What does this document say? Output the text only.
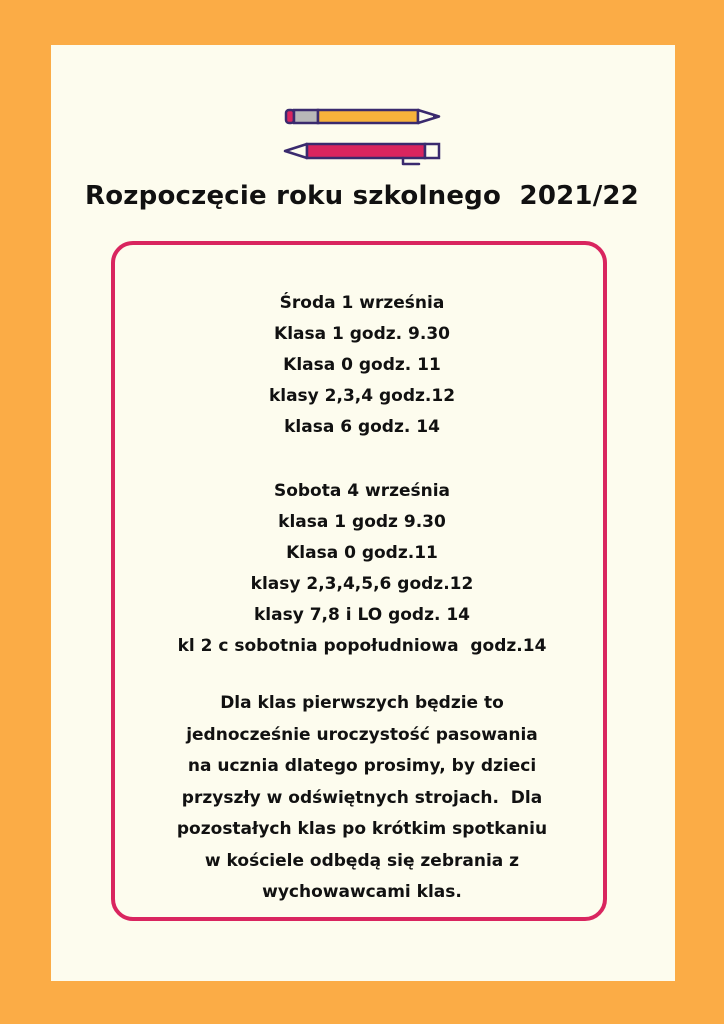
Rozpoczęcie roku szkolnego  2021/22
Środa 1 września
Klasa 1 godz. 9.30
Klasa 0 godz. 11
klasy 2,3,4 godz.12
klasa 6 godz. 14
Sobota 4 września
klasa 1 godz 9.30
Klasa 0 godz.11
klasy 2,3,4,5,6 godz.12
klasy 7,8 i LO godz. 14
kl 2 c sobotnia popołudniowa  godz.14
Dla klas pierwszych będzie to
jednocześnie uroczystość pasowania
na ucznia dlatego prosimy, by dzieci
przyszły w odświętnych strojach.  Dla
pozostałych klas po krótkim spotkaniu
w kościele odbędą się zebrania z
wychowawcami klas.
